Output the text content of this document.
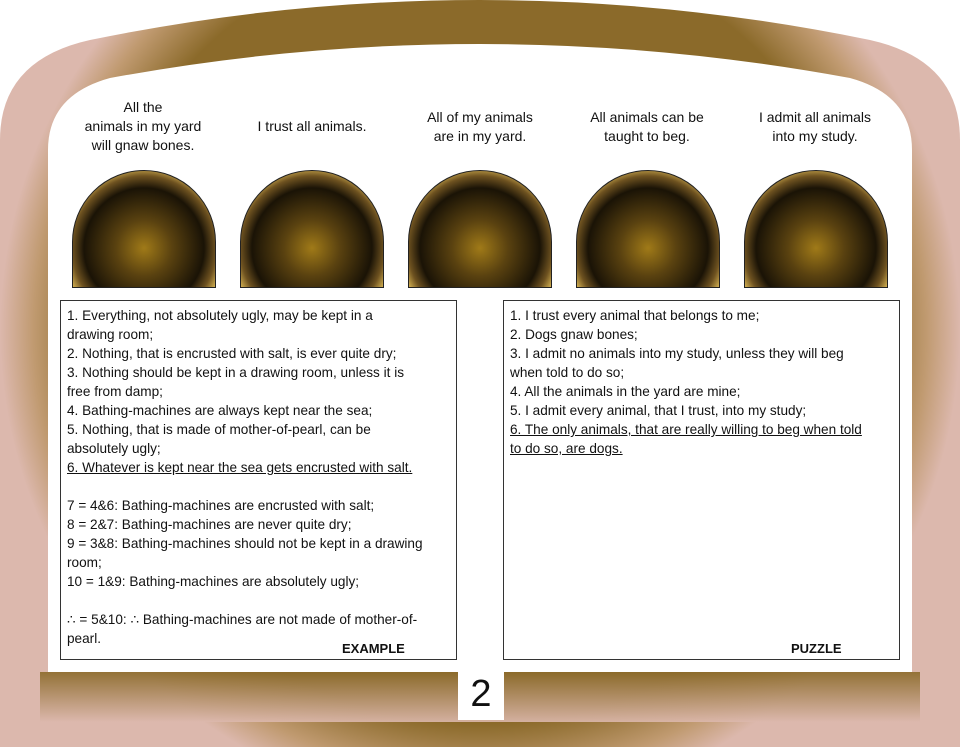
All the
animals in my yard
will gnaw bones.
I trust all animals.
All of my animals
are in my yard.
All animals can be
taught to beg.
I admit all animals
into my study.
1. Everything, not absolutely ugly, may be kept in a
drawing room;
2. Nothing, that is encrusted with salt, is ever quite dry;
3. Nothing should be kept in a drawing room, unless it is
free from damp;
4. Bathing-machines are always kept near the sea;
5. Nothing, that is made of mother-of-pearl, can be
absolutely ugly;
6. Whatever is kept near the sea gets encrusted with salt.
7 = 4&6: Bathing-machines are encrusted with salt;
8 = 2&7: Bathing-machines are never quite dry;
9 = 3&8: Bathing-machines should not be kept in a drawing
room;
10 = 1&9: Bathing-machines are absolutely ugly;
∴ = 5&10: ∴ Bathing-machines are not made of mother-of-
pearl.
EXAMPLE
1. I trust every animal that belongs to me;
2. Dogs gnaw bones;
3. I admit no animals into my study, unless they will beg
when told to do so;
4. All the animals in the yard are mine;
5. I admit every animal, that I trust, into my study;
6. The only animals, that are really willing to beg when told
to do so, are dogs.
PUZZLE
2
